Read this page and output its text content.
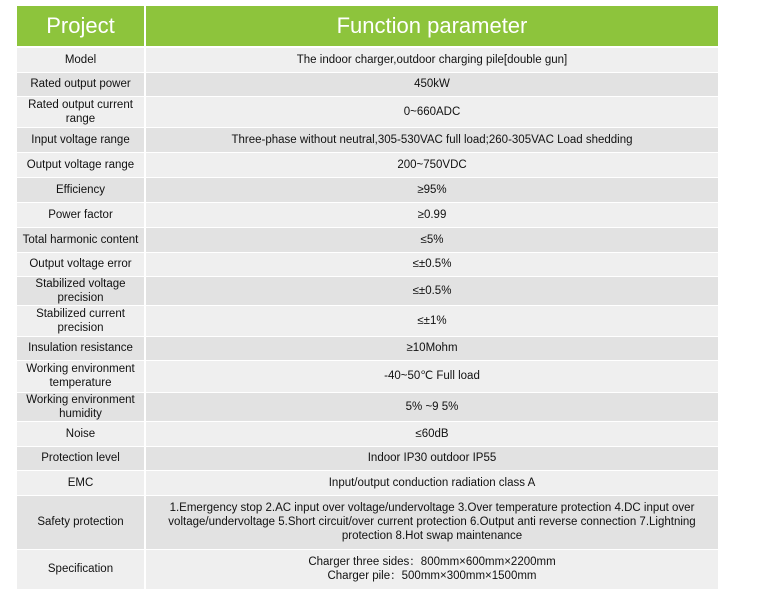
Project	Function parameter
Model	The indoor charger,outdoor charging pile[double gun]
Rated output power	450kW

Rated output current
range	0~660ADC
Input voltage range	Three-phase without neutral,305-530VAC full load;260-305VAC Load shedding
Output voltage range	200~750VDC
Efficiency	≥95%
Power factor	≥0.99
Total harmonic content	≤5%
Output voltage error	≤±0.5%

Stabilized voltage
precision	≤±0.5%

Stabilized current
precision	≤±1%
Insulation resistance	≥10Mohm

Working environment
temperature	-40~50℃ Full load

Working environment
humidity	5% ~9 5%
Noise	≤60dB
Protection level	Indoor IP30 outdoor IP55
EMC	Input/output conduction radiation class A
Safety protection	1.Emergency stop 2.AC input over voltage/undervoltage 3.Over temperature protection 4.DC input over
voltage/undervoltage 5.Short circuit/over current protection 6.Output anti reverse connection 7.Lightning
protection 8.Hot swap maintenance

Specification	Charger three sides：800mm×600mm×2200mm
Charger pile：500mm×300mm×1500mm
